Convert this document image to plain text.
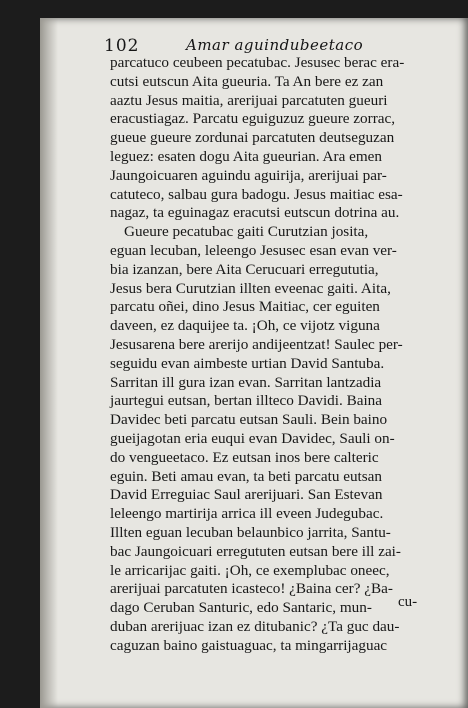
102	Amar aguindubeetaco
parcatuco ceubeen pecatubac. Jesusec berac era-
cutsi eutscun Aita gueuria. Ta An bere ez zan
aaztu Jesus maitia, arerijuai parcatuten gueuri
eracustiagaz. Parcatu eguiguzuz gueure zorrac,
gueue gueure zordunai parcatuten deutseguzan
leguez: esaten dogu Aita gueurian. Ara emen
Jaungoicuaren aguindu aguirija, arerijuai par-
catuteco, salbau gura badogu. Jesus maitiac esa-
nagaz, ta eguinagaz eracutsi eutscun dotrina au.
Gueure pecatubac gaiti Curutzian josita,
eguan lecuban, leleengo Jesusec esan evan ver-
bia izanzan, bere Aita Cerucuari erregututia,
Jesus bera Curutzian illten eveenac gaiti. Aita,
parcatu oñei, dino Jesus Maitiac, cer eguiten
daveen, ez daquijee ta. ¡Oh, ce vijotz viguna
Jesusarena bere arerijo andijeentzat! Saulec per-
seguidu evan aimbeste urtian David Santuba.
Sarritan ill gura izan evan. Sarritan lantzadia
jaurtegui eutsan, bertan illteco Davidi. Baina
Davidec beti parcatu eutsan Sauli. Bein baino
gueijagotan eria euqui evan Davidec, Sauli on-
do vengueetaco. Ez eutsan inos bere calteric
eguin. Beti amau evan, ta beti parcatu eutsan
David Erreguiac Saul arerijuari. San Estevan
leleengo martirija arrica ill eveen Judegubac.
Illten eguan lecuban belaunbico jarrita, Santu-
bac Jaungoicuari erregututen eutsan bere ill zai-
le arricarijac gaiti. ¡Oh, ce exemplubac oneec,
arerijuai parcatuten icasteco! ¿Baina cer? ¿Ba-
dago Ceruban Santuric, edo Santaric, mun-
duban arerijuac izan ez ditubanic? ¿Ta guc dau-
caguzan baino gaistuaguac, ta mingarrijaguac
cu-
